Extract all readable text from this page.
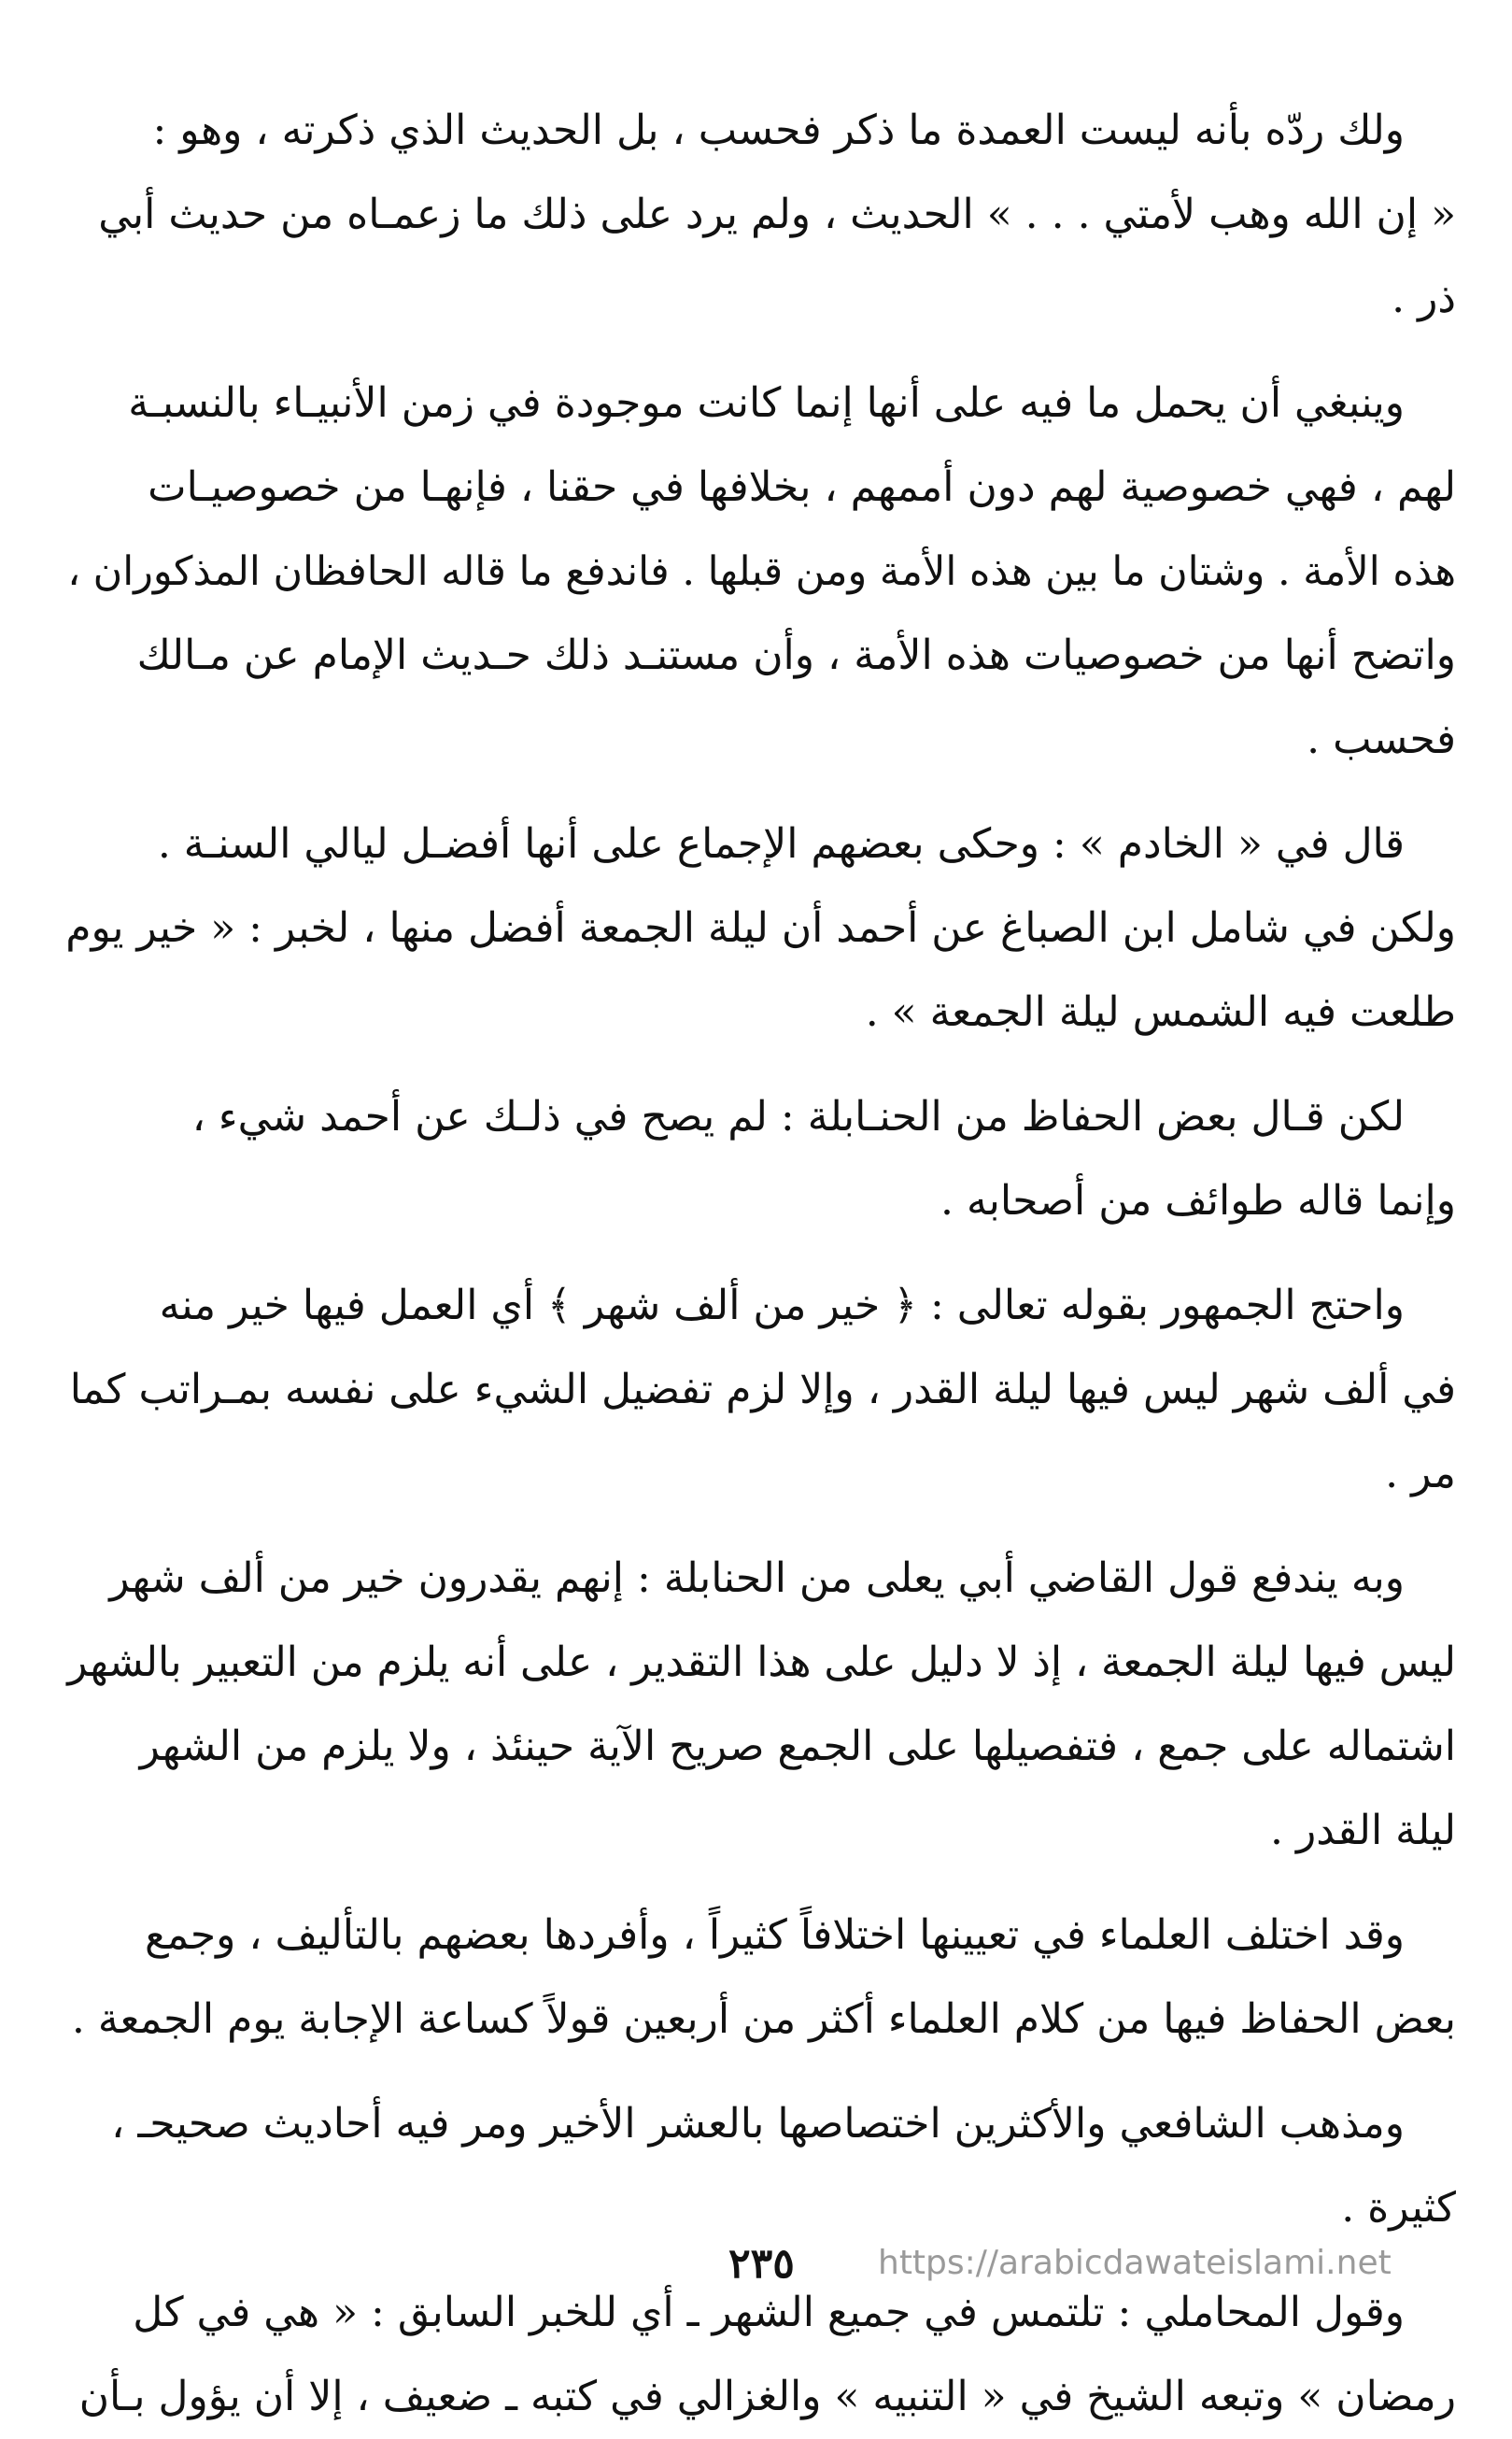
ولك ردّه بأنه ليست العمدة ما ذكر فحسب ، بل الحديث الذي ذكرته ، وهو :
« إن الله وهب لأمتي . . . » الحديث ، ولم يرد على ذلك ما زعمـاه من حديث أبي
ذر .

وينبغي أن يحمل ما فيه على أنها إنما كانت موجودة في زمن الأنبيـاء بالنسبـة
لهم ، فهي خصوصية لهم دون أممهم ، بخلافها في حقنا ، فإنهـا من خصوصيـات
هذه الأمة . وشتان ما بين هذه الأمة ومن قبلها . فاندفع ما قاله الحافظان المذكوران ،
واتضح أنها من خصوصيات هذه الأمة ، وأن مستنـد ذلك حـديث الإمام عن مـالك
فحسب .

قال في « الخادم » : وحكى بعضهم الإجماع على أنها أفضـل ليالي السنـة .
ولكن في شامل ابن الصباغ عن أحمد أن ليلة الجمعة أفضل منها ، لخبر : « خير يوم
طلعت فيه الشمس ليلة الجمعة » .

لكن قـال بعض الحفاظ من الحنـابلة : لم يصح في ذلـك عن أحمد شيء ،
وإنما قاله طوائف من أصحابه .

واحتج الجمهور بقوله تعالى : ﴿ خير من ألف شهر ﴾ أي العمل فيها خير منه
في ألف شهر ليس فيها ليلة القدر ، وإلا لزم تفضيل الشيء على نفسه بمـراتب كما
مر .

وبه يندفع قول القاضي أبي يعلى من الحنابلة : إنهم يقدرون خير من ألف شهر
ليس فيها ليلة الجمعة ، إذ لا دليل على هذا التقدير ، على أنه يلزم من التعبير بالشهر
اشتماله على جمع ، فتفصيلها على الجمع صريح الآية حينئذ ، ولا يلزم من الشهر
ليلة القدر .

وقد اختلف العلماء في تعيينها اختلافاً كثيراً ، وأفردها بعضهم بالتأليف ، وجمع
بعض الحفاظ فيها من كلام العلماء أكثر من أربعين قولاً كساعة الإجابة يوم الجمعة .

ومذهب الشافعي والأكثرين اختصاصها بالعشر الأخير ومر فيه أحاديث صحيحـ ،
كثيرة .

وقول المحاملي : تلتمس في جميع الشهر ـ أي للخبر السابق : « هي في كل
رمضان » وتبعه الشيخ في « التنبيه » والغزالي في كتبه ـ ضعيف ، إلا أن يؤول بـأن

٢٣٥ https://arabicdawateislami.net
